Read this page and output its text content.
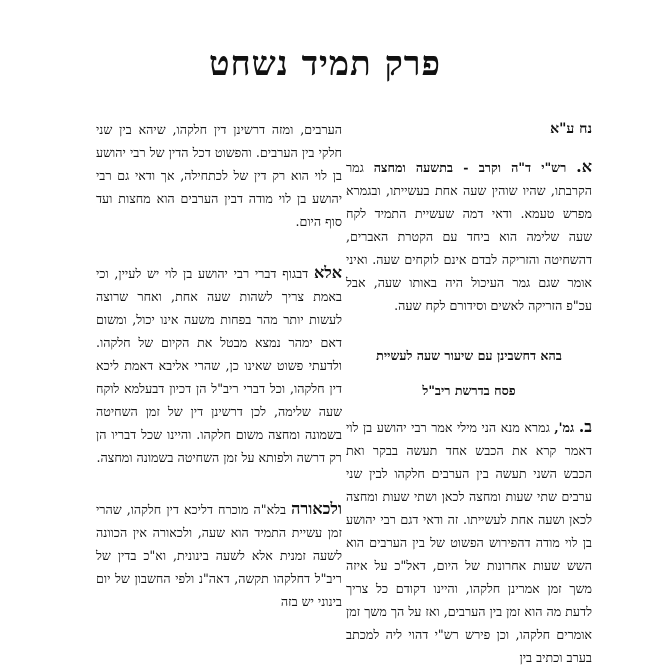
פרק תמיד נשחט

נח ע"א

א. רש"י ד"ה וקרב - בתשעה ומחצה גמר הקרבתו, שהיו שוהין שעה אחת בעשייתו, ובגמרא מפרש טעמא. ודאי דמה שעשיית התמיד לקח שעה שלימה הוא ביחד עם הקטרת האברים, דהשחיטה והזריקה לבדם אינם לוקחים שעה. ואיני אומר שגם גמר העיכול היה באותו שעה, אבל עכ"פ הזריקה לאשים וסידורם לקח שעה.

בהא דחשבינן עם שיעור שעה לעשיית

פסח בדרשת ריב"ל

ב. גמ', גמרא מנא הני מילי אמר רבי יהושע בן לוי דאמר קרא את הכבש אחד תעשה בבקר ואת הכבש השני תעשה בין הערבים חלקהו לבין שני ערבים שתי שעות ומחצה לכאן ושתי שעות ומחצה לכאן ושעה אחת לעשייתו. זה ודאי דגם רבי יהושע בן לוי מודה דהפירוש הפשוט של בין הערבים הוא השש שעות אחרונות של היום, דאל"כ על איזה משך זמן אמרינן חלקהו, והיינו דקודם כל צריך לדעת מה הוא זמן בין הערבים, ואז על הך משך זמן אומרים חלקהו, וכן פירש רש"י דהוי ליה למכתב בערב וכתיב בין

הערבים, ומזה דרשינן דין חלקהו, שיהא בין שני חלקי בין הערבים. והפשוט דכל הדין של רבי יהושע בן לוי הוא רק דין של לכתחילה, אך ודאי גם רבי יהושע בן לוי מודה דבין הערבים הוא מחצות ועד סוף היום.

אלא דבגוף דברי רבי יהושע בן לוי יש לעיין, וכי באמת צריך לשהות שעה אחת, ואחר שרוצה לעשות יותר מהר בפחות משעה אינו יכול, ומשום דאם ימהר נמצא מבטל את הקיום של חלקהו. ולדעתי פשוט שאינו כן, שהרי אליבא דאמת ליכא דין חלקהו, וכל דברי ריב"ל הן דכיון דבעלמא לוקח שעה שלימה, לכן דרשינן דין של זמן השחיטה בשמונה ומחצה משום חלקהו. והיינו שכל דבריו הן רק דרשה ולפותא על זמן השחיטה בשמונה ומחצה.

ולכאורה בלא"ה מוכרח דליכא דין חלקהו, שהרי זמן עשיית התמיד הוא שעה, ולכאורה אין הכוונה לשעה זמנית אלא לשעה בינונית, וא"כ בדין של ריב"ל דחלקהו תקשה, דאה"נ ולפי החשבון של יום בינוני יש בזה
